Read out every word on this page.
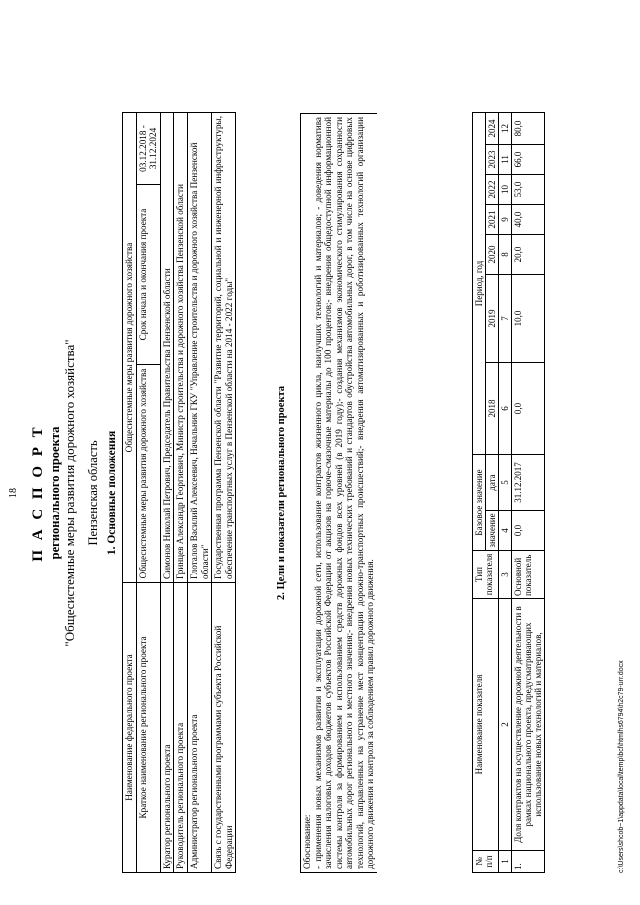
18 П А С П О Р Т регионального проекта "Общесистемные меры развития дорожного хозяйства" Пензенская область 1. Основные положения
Наименование федерального проекта	Общесистемные меры развития дорожного хозяйства		
Краткое наименование регионального проекта	Общесистемные меры развития дорожного хозяйства	Срок начала и окончания проекта	03.12.2018 - 31.12.2024
Куратор регионального проекта	Симонов Николай Петрович, Председатель Правительства Пензенской области		
Руководитель регионального проекта	Гринцев Александр Георгиевич, Министр строительства и дорожного хозяйства Пензенской области		
Администратор регионального проекта	Глоталов Василий Алексеевич, Начальник ГКУ "Управление строительства и дорожного хозяйства Пензенской области"		
Связь с государственными программами субъекта Российской Федерации	Государственная программа Пензенской области "Развитие территорий, социальной и инженерной инфраструктуры, обеспечение транспортных услуг в Пензенской области на 2014 - 2022 годы"			2. Цели и показатели регионального проекта
Обоснование:
- применения новых механизмов развития и эксплуатации дорожной сети, использование контрактов жизненного цикла, наилучших технологий и материалов; - доведения норматива зачисления налоговых доходов бюджетов субъектов Российской Федерации от акцизов на горюче-смазочные материалы до 100 процентов;- внедрения общедоступной информационной системы контроля за формированием и использованием средств дорожных фондов всех уровней (в 2019 году);- создания механизмов экономического стимулирования сохранности автомобильных дорог регионального и местного значения;- внедрения новых технических требований и стандартов обустройства автомобильных дорог, в том числе на основе цифровых технологий, направленных на устранение мест концентрации дорожно-транспортных происшествий;- внедрения автоматизированных и роботизированных технологий организации дорожного движения и контроля за соблюдением правил дорожного движения.
№ п/п	Наименование показателя	Тип показателя	Базовое значение		Период, год						
			значение	дата	2018	2019	2020	2021	2022	2023	2024
1	2	3	4	5	6	7	8	9	10	11	12
1.	Доля контрактов на осуществление дорожной деятельности в рамках национального проекта, предусматривающих использование новых технологий и материалов,	Основной показатель	0,0	31.12.2017	0,0	10,0	20,0	40,0	53,0	66,0	80,0
c:\Users\shcob~1\appdata\local\temp\bcl\htmlhs6794\h2c79-urr.docx
